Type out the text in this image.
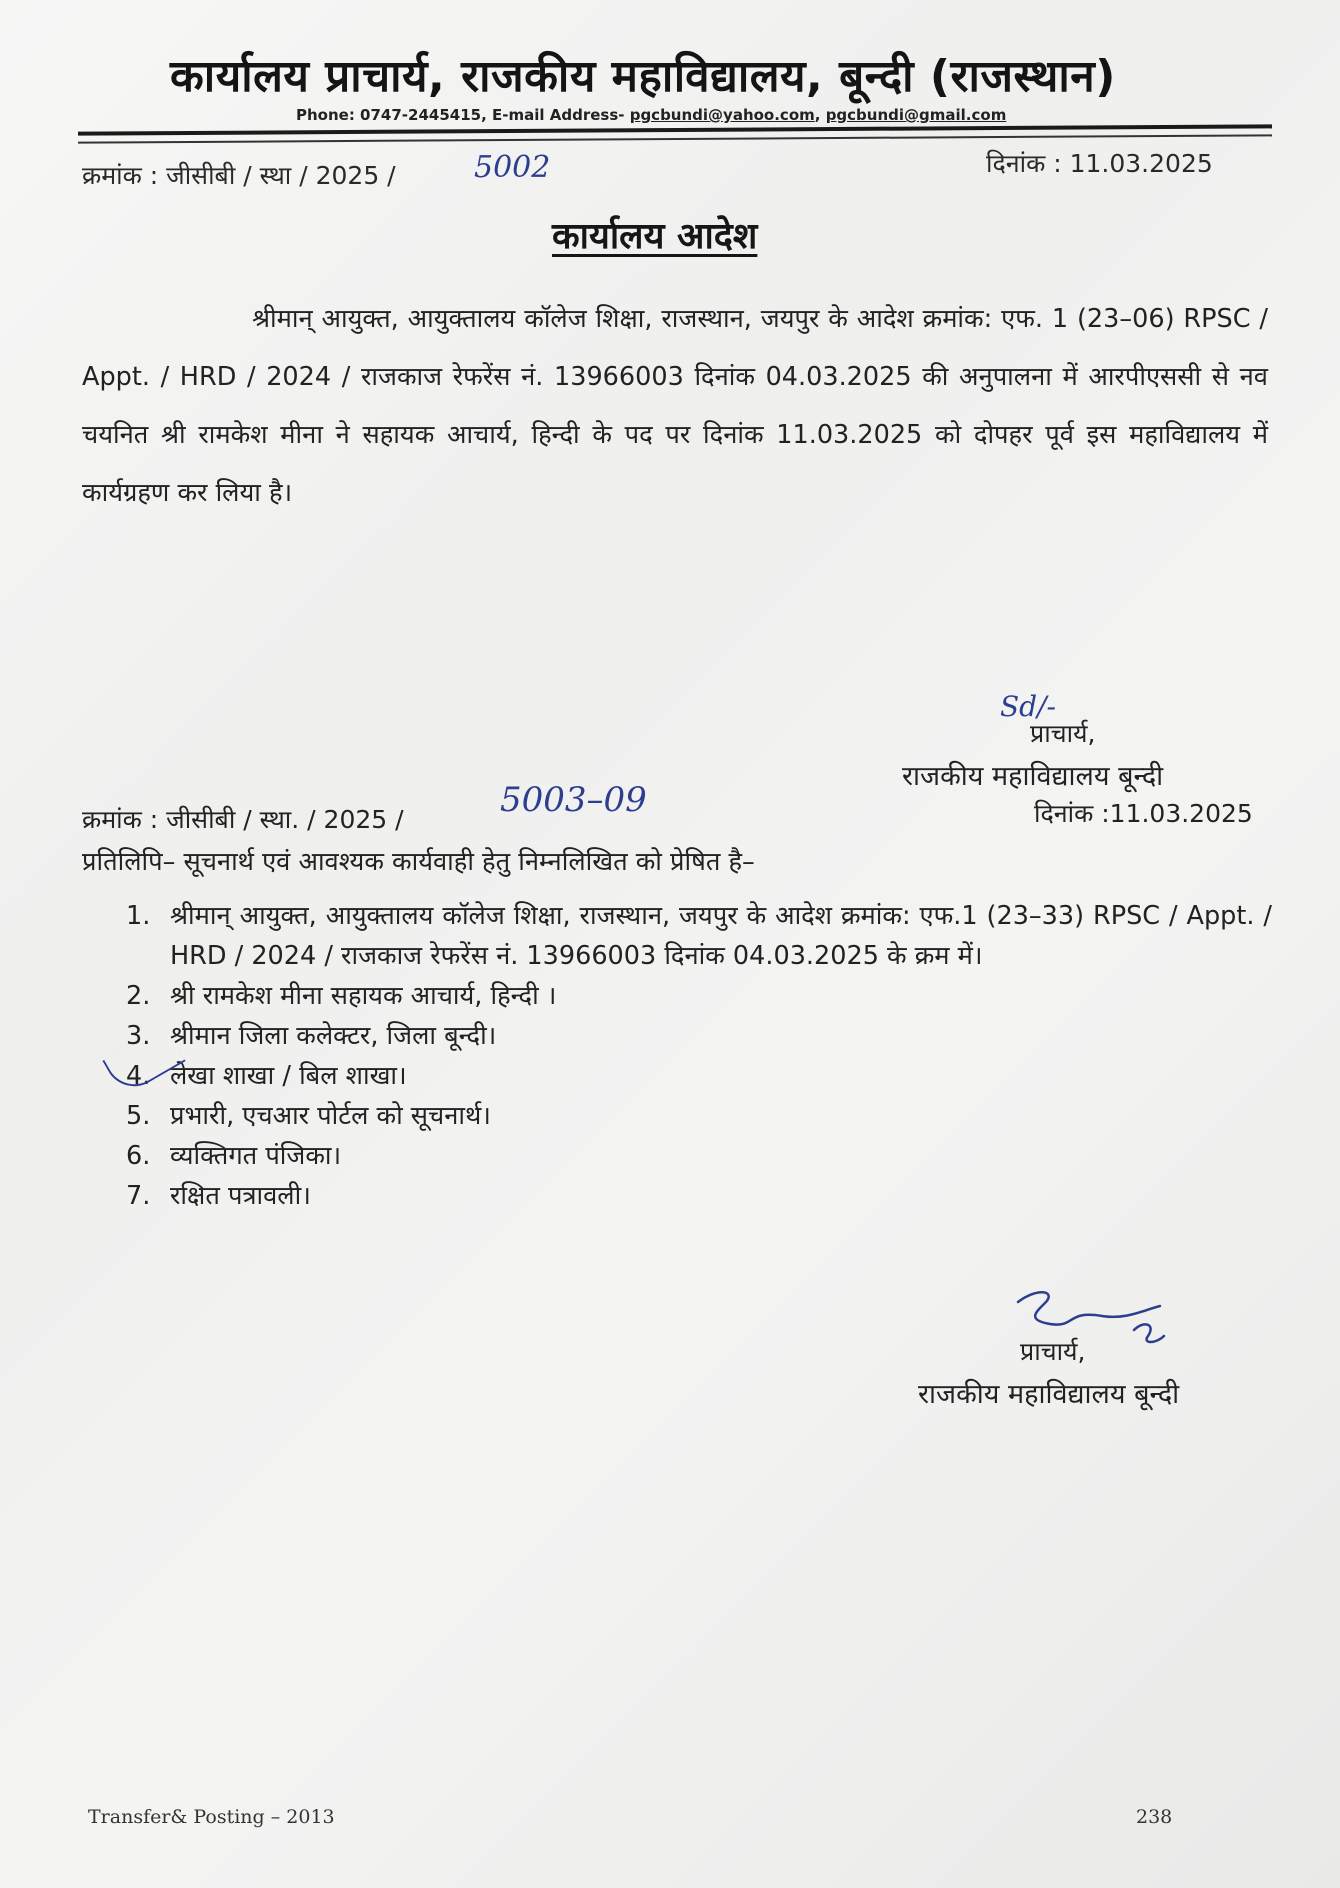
कार्यालय प्राचार्य, राजकीय महाविद्यालय, बून्दी (राजस्थान)
Phone: 0747-2445415, E-mail Address- pgcbundi@yahoo.com, pgcbundi@gmail.com
क्रमांक : जीसीबी / स्था / 2025 /	5002	दिनांक : 11.03.2025
कार्यालय आदेश
श्रीमान् आयुक्त, आयुक्तालय कॉलेज शिक्षा, राजस्थान, जयपुर के आदेश क्रमांक: एफ. 1 (23–06) RPSC / Appt. / HRD / 2024 / राजकाज रेफरेंस नं. 13966003 दिनांक 04.03.2025 की अनुपालना में आरपीएससी से नव चयनित श्री रामकेश मीना ने सहायक आचार्य, हिन्दी के पद पर दिनांक 11.03.2025 को दोपहर पूर्व इस महाविद्यालय में कार्यग्रहण कर लिया है।
Sd/-
प्राचार्य,
राजकीय महाविद्यालय बून्दी
दिनांक :11.03.2025
क्रमांक : जीसीबी / स्था. / 2025 /	5003–09
प्रतिलिपि– सूचनार्थ एवं आवश्यक कार्यवाही हेतु निम्नलिखित को प्रेषित है–
1. श्रीमान् आयुक्त, आयुक्तालय कॉलेज शिक्षा, राजस्थान, जयपुर के आदेश क्रमांक: एफ.1 (23–33) RPSC / Appt. / HRD / 2024 / राजकाज रेफरेंस नं. 13966003 दिनांक 04.03.2025 के क्रम में।
2. श्री रामकेश मीना सहायक आचार्य, हिन्दी ।
3. श्रीमान जिला कलेक्टर, जिला बून्दी।
4. लेखा शाखा / बिल शाखा।
5. प्रभारी, एचआर पोर्टल को सूचनार्थ।
6. व्यक्तिगत पंजिका।
7. रक्षित पत्रावली।
प्राचार्य,
राजकीय महाविद्यालय बून्दी
Transfer& Posting – 2013	238
